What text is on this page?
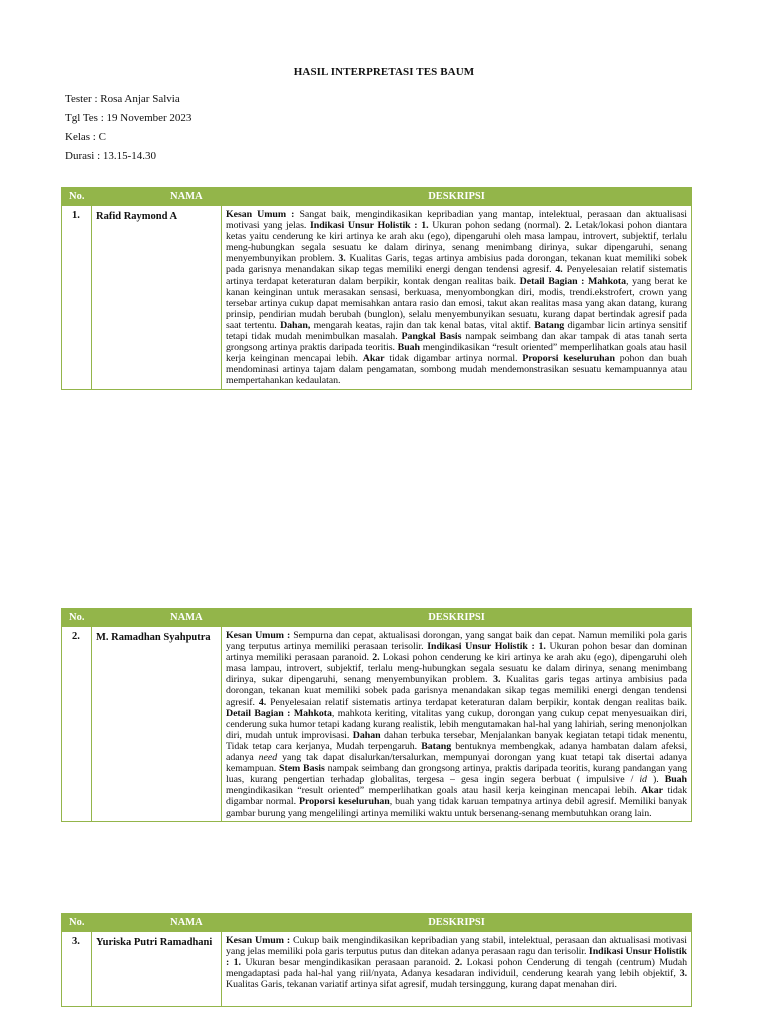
HASIL INTERPRETASI TES BAUM
Tester : Rosa Anjar Salvia
Tgl Tes : 19 November 2023
Kelas : C
Durasi : 13.15-14.30
No.	NAMA	DESKRIPSI
1.	Rafid Raymond A	Kesan Umum : Sangat baik, mengindikasikan kepribadian yang mantap, intelektual, perasaan dan aktualisasi motivasi yang jelas. Indikasi Unsur Holistik : 1. Ukuran pohon sedang (normal). 2. Letak/lokasi pohon diantara ketas yaitu cenderung ke kiri artinya ke arah aku (ego), dipengaruhi oleh masa lampau, introvert, subjektif, terlalu meng-hubungkan segala sesuatu ke dalam dirinya, senang menimbang dirinya, sukar dipengaruhi, senang menyembunyikan problem. 3. Kualitas Garis, tegas artinya ambisius pada dorongan, tekanan kuat memiliki sobek pada garisnya menandakan sikap tegas memiliki energi dengan tendensi agresif. 4. Penyelesaian relatif sistematis artinya terdapat keteraturan dalam berpikir, kontak dengan realitas baik. Detail Bagian : Mahkota, yang berat ke kanan keinginan untuk merasakan sensasi, berkuasa, menyombongkan diri, modis, trendi.ekstrofert, crown yang tersebar artinya cukup dapat memisahkan antara rasio dan emosi, takut akan realitas masa yang akan datang, kurang prinsip, pendirian mudah berubah (bunglon), selalu menyembunyikan sesuatu, kurang dapat bertindak agresif pada saat tertentu. Dahan, mengarah keatas, rajin dan tak kenal batas, vital aktif. Batang digambar licin artinya sensitif tetapi tidak mudah menimbulkan masalah. Pangkal Basis nampak seimbang dan akar tampak di atas tanah serta grongsong artinya praktis daripada teoritis. Buah mengindikasikan “result oriented” memperlihatkan goals atau hasil kerja keinginan mencapai lebih. Akar tidak digambar artinya normal. Proporsi keseluruhan pohon dan buah mendominasi artinya tajam dalam pengamatan, sombong mudah mendemonstrasikan sesuatu kemampuannya atau mempertahankan kedaulatan.
No.	NAMA	DESKRIPSI
2.	M. Ramadhan Syahputra	Kesan Umum : Sempurna dan cepat, aktualisasi dorongan, yang sangat baik dan cepat. Namun memiliki pola garis yang terputus artinya memiliki perasaan terisolir. Indikasi Unsur Holistik : 1. Ukuran pohon besar dan dominan artinya memiliki perasaan paranoid. 2. Lokasi pohon cenderung ke kiri artinya ke arah aku (ego), dipengaruhi oleh masa lampau, introvert, subjektif, terlalu meng-hubungkan segala sesuatu ke dalam dirinya, senang menimbang dirinya, sukar dipengaruhi, senang menyembunyikan problem. 3. Kualitas garis tegas artinya ambisius pada dorongan, tekanan kuat memiliki sobek pada garisnya menandakan sikap tegas memiliki energi dengan tendensi agresif. 4. Penyelesaian relatif sistematis artinya terdapat keteraturan dalam berpikir, kontak dengan realitas baik. Detail Bagian : Mahkota, mahkota keriting, vitalitas yang cukup, dorongan yang cukup cepat menyesuaikan diri, cenderung suka humor tetapi kadang kurang realistik, lebih mengutamakan hal-hal yang lahiriah, sering menonjolkan diri, mudah untuk improvisasi. Dahan dahan terbuka tersebar, Menjalankan banyak kegiatan tetapi tidak menentu, Tidak tetap cara kerjanya, Mudah terpengaruh. Batang bentuknya membengkak, adanya hambatan dalam afeksi, adanya need yang tak dapat disalurkan/tersalurkan, mempunyai dorongan yang kuat tetapi tak disertai adanya kemampuan. Stem Basis nampak seimbang dan grongsong artinya, praktis daripada teoritis, kurang pandangan yang luas, kurang pengertian terhadap globalitas, tergesa – gesa ingin segera berbuat ( impulsive / id ). Buah mengindikasikan “result oriented” memperlihatkan goals atau hasil kerja keinginan mencapai lebih. Akar tidak digambar normal. Proporsi keseluruhan, buah yang tidak karuan tempatnya artinya debil agresif. Memiliki banyak gambar burung yang mengelilingi artinya memiliki waktu untuk bersenang-senang membutuhkan orang lain.
No.	NAMA	DESKRIPSI
3.	Yuriska Putri Ramadhani	Kesan Umum : Cukup baik mengindikasikan kepribadian yang stabil, intelektual, perasaan dan aktualisasi motivasi yang jelas memiliki pola garis terputus putus dan ditekan adanya perasaan ragu dan terisolir. Indikasi Unsur Holistik : 1. Ukuran besar mengindikasikan perasaan paranoid. 2. Lokasi pohon Cenderung di tengah (centrum) Mudah mengadaptasi pada hal-hal yang riil/nyata, Adanya kesadaran individuil, cenderung kearah yang lebih objektif, 3. Kualitas Garis, tekanan variatif artinya sifat agresif, mudah tersinggung, kurang dapat menahan diri.
